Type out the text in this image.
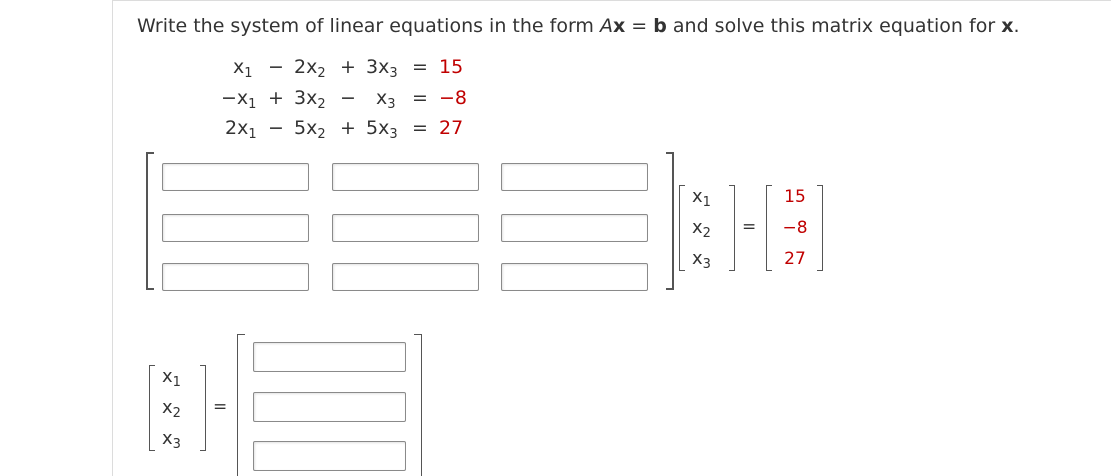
Write the system of linear equations in the form Ax = b and solve this matrix equation for x.
$x_1 - 2x_2 + 3x_3 = 15$
$-x_1 + 3x_2 - x_3 = -8$
$2x_1 - 5x_2 + 5x_3 = 27$
$x_1$
$x_2$
$x_3$
=
15
−8
27
$x_1$
$x_2$
$x_3$
=
